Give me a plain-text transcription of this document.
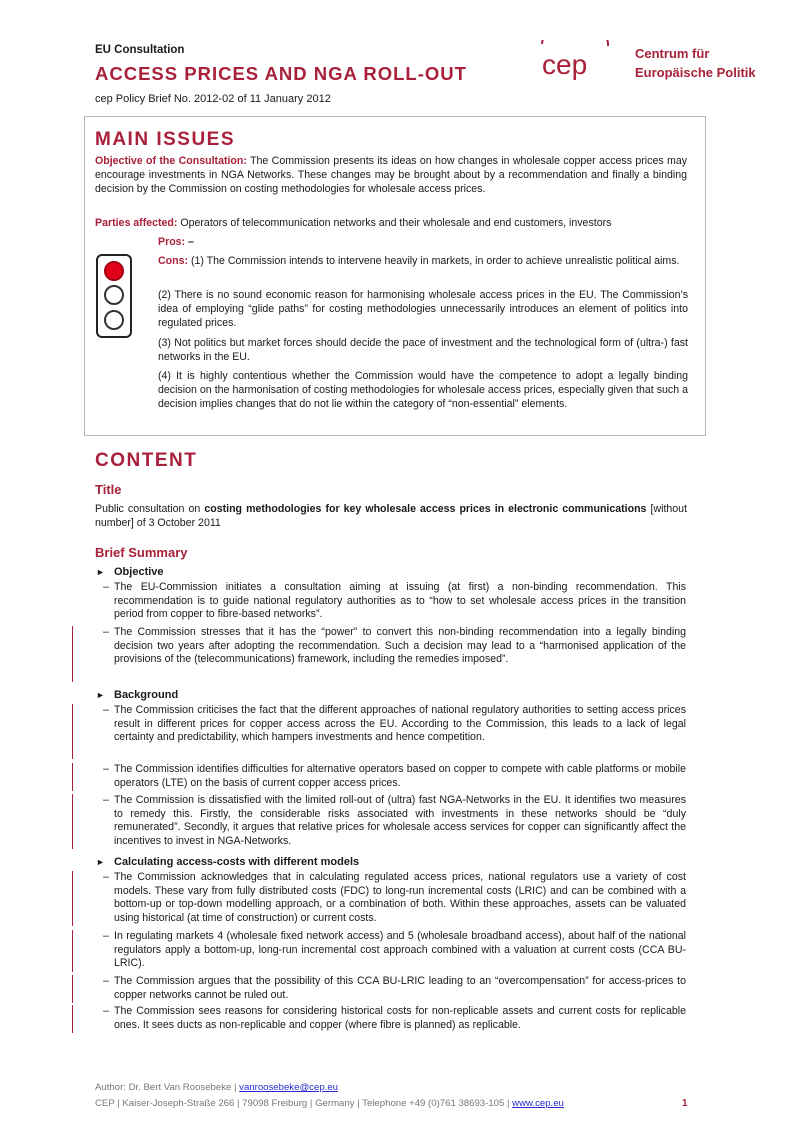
EU Consultation
ACCESS PRICES AND NGA ROLL-OUT
cep Policy Brief No. 2012-02 of 11 January 2012
cep	Centrum für
Europäische Politik
MAIN ISSUES

Objective of the Consultation: The Commission presents its ideas on how changes in wholesale copper access prices may encourage investments in NGA Networks. These changes may be brought about by a recommendation and finally a binding decision by the Commission on costing methodologies for wholesale access prices.

Parties affected: Operators of telecommunication networks and their wholesale and end customers, investors

Pros: –

Cons: (1) The Commission intends to intervene heavily in markets, in order to achieve unrealistic political aims.

(2) There is no sound economic reason for harmonising wholesale access prices in the EU. The Commission’s idea of employing “glide paths” for costing methodologies unnecessarily introduces an element of politics into regulated prices.

(3) Not politics but market forces should decide the pace of investment and the technological form of (ultra-) fast networks in the EU.

(4) It is highly contentious whether the Commission would have the competence to adopt a legally binding decision on the harmonisation of costing methodologies for wholesale access prices, especially given that such a decision implies changes that do not lie within the category of “non-essential” elements.

CONTENT
Title

Public consultation on costing methodologies for key wholesale access prices in electronic communications [without number] of 3 October 2011

Brief Summary
► Objective

– The EU-Commission initiates a consultation aiming at issuing (at first) a non-binding recommendation. This recommendation is to guide national regulatory authorities as to “how to set wholesale access prices in the transition period from copper to fibre-based networks”.

– The Commission stresses that it has the “power” to convert this non-binding recommendation into a legally binding decision two years after adopting the recommendation. Such a decision may lead to a “harmonised application of the provisions of the (telecommunications) framework, including the remedies imposed”.

► Background

– The Commission criticises the fact that the different approaches of national regulatory authorities to setting access prices result in different prices for copper access across the EU. According to the Commission, this leads to a lack of legal certainty and predictability, which hampers investments and hence competition.

– The Commission identifies difficulties for alternative operators based on copper to compete with cable platforms or mobile operators (LTE) on the basis of current copper access prices.

– The Commission is dissatisfied with the limited roll-out of (ultra) fast NGA-Networks in the EU. It identifies two measures to remedy this. Firstly, the considerable risks associated with investments in these networks should be “duly remunerated”. Secondly, it argues that relative prices for wholesale access services for copper can significantly affect the incentives to invest in NGA-Networks.

► Calculating access-costs with different models

– The Commission acknowledges that in calculating regulated access prices, national regulators use a variety of cost models. These vary from fully distributed costs (FDC) to long-run incremental costs (LRIC) and can be combined with a bottom-up or top-down modelling approach, or a combination of both. Within these approaches, assets can be valuated using historical (at time of construction) or current costs.

– In regulating markets 4 (wholesale fixed network access) and 5 (wholesale broadband access), about half of the national regulators apply a bottom-up, long-run incremental cost approach combined with a valuation at current costs (CCA BU-LRIC).

– The Commission argues that the possibility of this CCA BU-LRIC leading to an “overcompensation” for access-prices to copper networks cannot be ruled out.

– The Commission sees reasons for considering historical costs for non-replicable assets and current costs for replicable ones. It sees ducts as non-replicable and copper (where fibre is planned) as replicable.

Author: Dr. Bert Van Roosebeke | vanroosebeke@cep.eu
CEP | Kaiser-Joseph-Straße 266 | 79098 Freiburg | Germany | Telephone +49 (0)761 38693-105 | www.cep.eu	1
